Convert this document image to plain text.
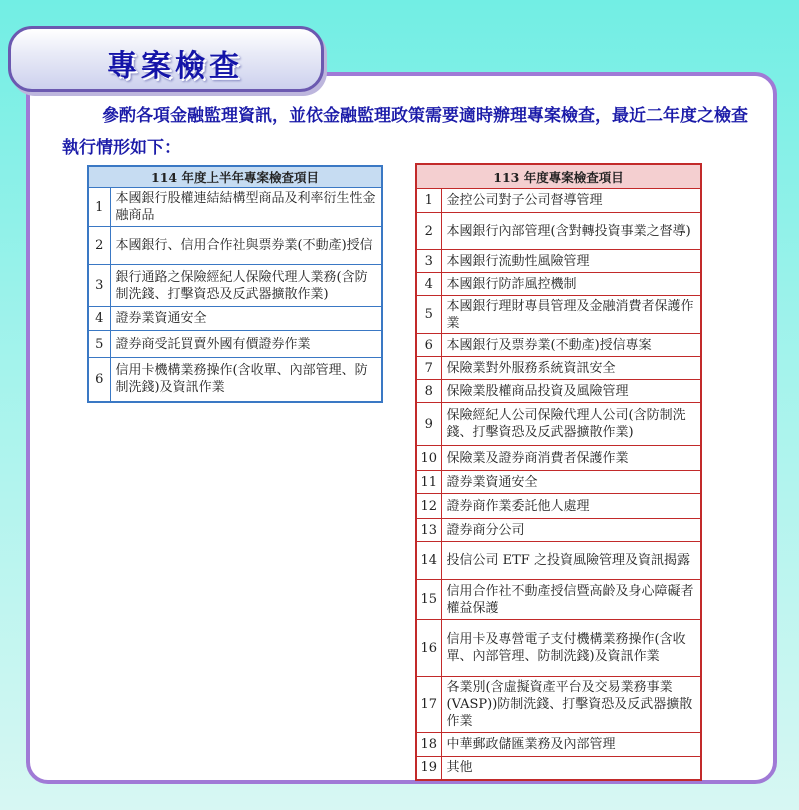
專案檢查

參酌各項金融監理資訊，並依金融監理政策需要適時辦理專案檢查，最近二年度之檢查執行情形如下：

114 年度上半年專案檢查項目	
1	本國銀行股權連結結構型商品及利率衍生性金融商品
2	本國銀行、信用合作社與票券業(不動產)授信
3	銀行通路之保險經紀人保險代理人業務(含防制洗錢、打擊資恐及反武器擴散作業)
4	證券業資通安全
5	證券商受託買賣外國有價證券作業
6	信用卡機構業務操作(含收單、內部管理、防制洗錢)及資訊作業
113 年度專案檢查項目	
1	金控公司對子公司督導管理
2	本國銀行內部管理(含對轉投資事業之督導)
3	本國銀行流動性風險管理
4	本國銀行防詐風控機制
5	本國銀行理財專員管理及金融消費者保護作業
6	本國銀行及票券業(不動產)授信專案
7	保險業對外服務系統資訊安全
8	保險業股權商品投資及風險管理
9	保險經紀人公司保險代理人公司(含防制洗錢、打擊資恐及反武器擴散作業)
10	保險業及證券商消費者保護作業
11	證券業資通安全
12	證券商作業委託他人處理
13	證券商分公司
14	投信公司 ETF 之投資風險管理及資訊揭露
15	信用合作社不動產授信暨高齡及身心障礙者權益保護
16	信用卡及專營電子支付機構業務操作(含收單、內部管理、防制洗錢)及資訊作業
17	各業別(含虛擬資產平台及交易業務事業(VASP))防制洗錢、打擊資恐及反武器擴散作業
18	中華郵政儲匯業務及內部管理
19	其他
